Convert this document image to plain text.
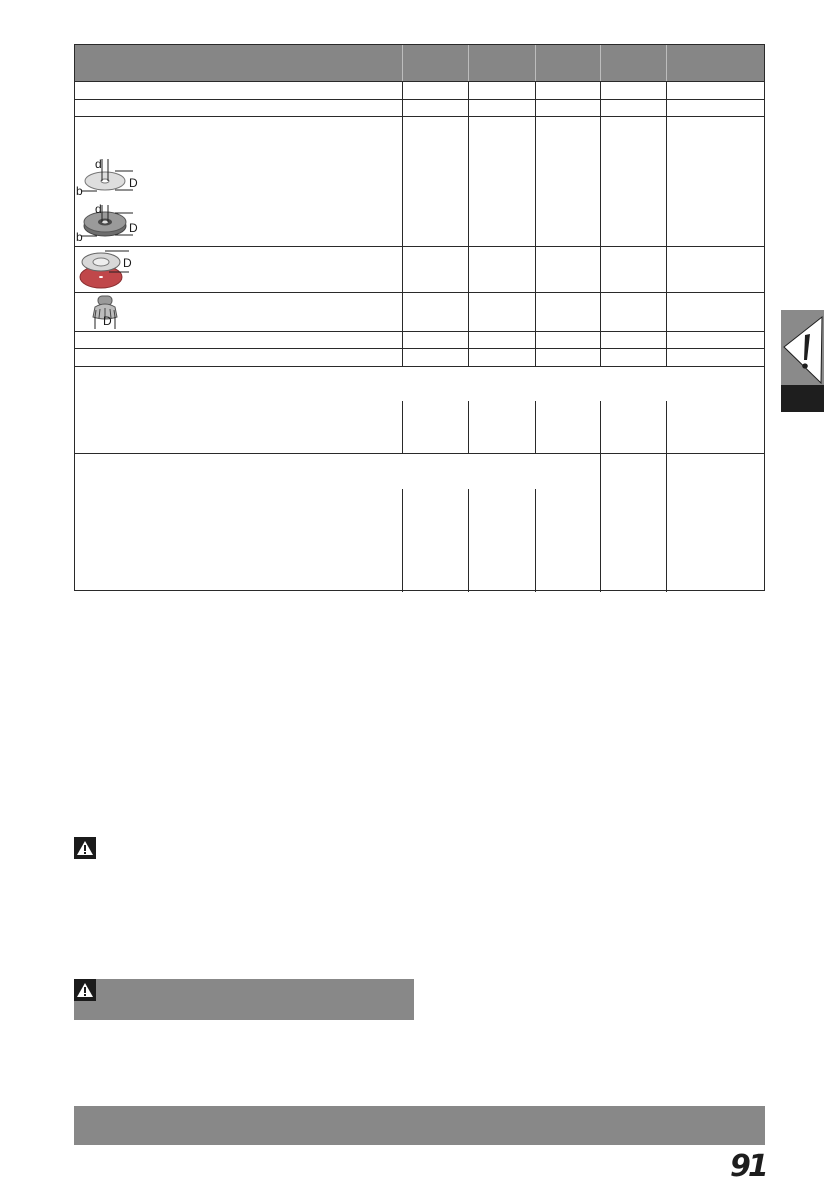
d
D
b
d
D
b
D
D
91
